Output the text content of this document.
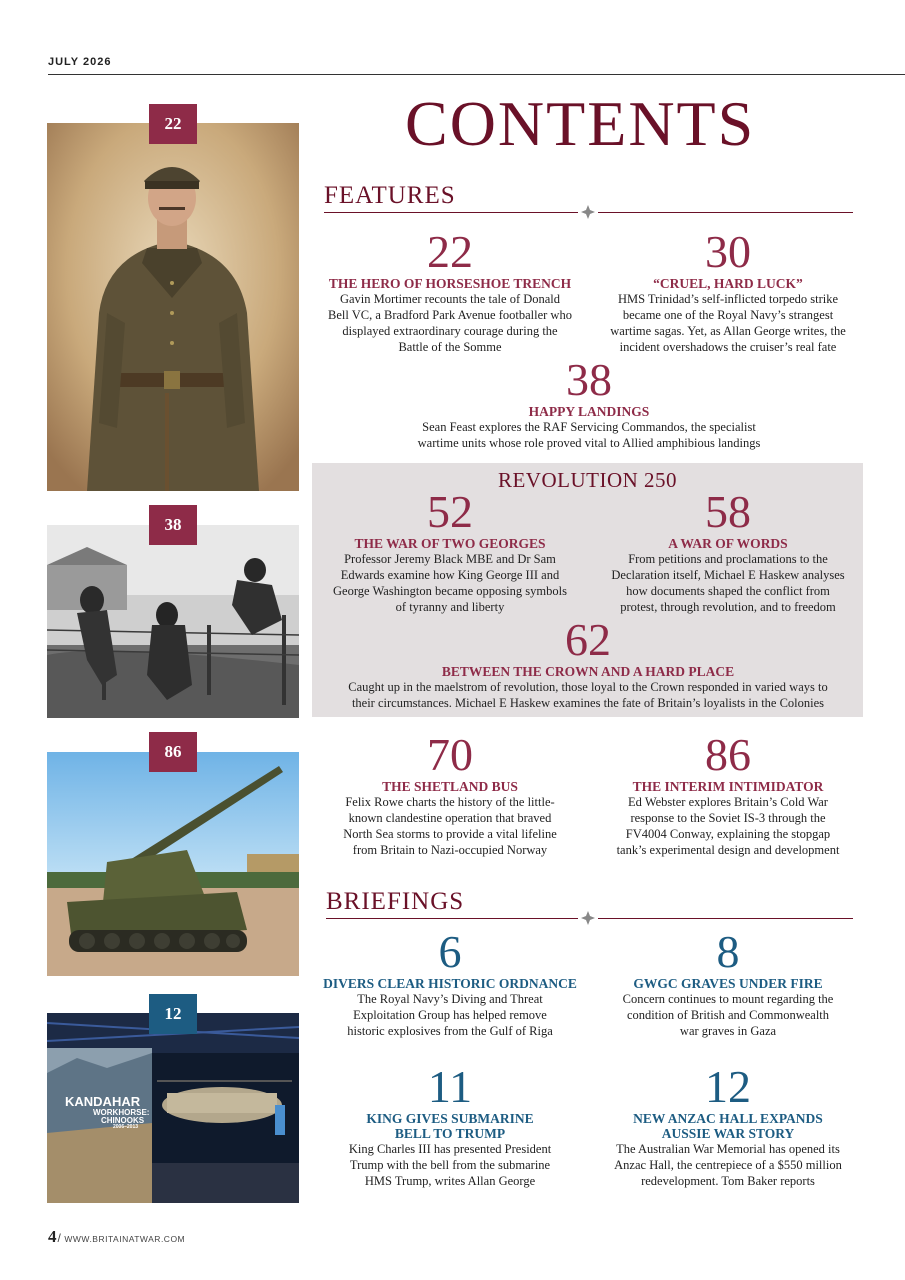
JULY 2026
22
38
86
KANDAHAR
WORKHORSE:
CHINOOKS
2006–2013
12
CONTENTS
FEATURES
22
THE HERO OF HORSESHOE TRENCH
Gavin Mortimer recounts the tale of Donald
Bell VC, a Bradford Park Avenue footballer who
displayed extraordinary courage during the
Battle of the Somme
30
“CRUEL, HARD LUCK”
HMS Trinidad’s self-inflicted torpedo strike
became one of the Royal Navy’s strangest
wartime sagas. Yet, as Allan George writes, the
incident overshadows the cruiser’s real fate
38
HAPPY LANDINGS
Sean Feast explores the RAF Servicing Commandos, the specialist
wartime units whose role proved vital to Allied amphibious landings
REVOLUTION 250
52
THE WAR OF TWO GEORGES
Professor Jeremy Black MBE and Dr Sam
Edwards examine how King George III and
George Washington became opposing symbols
of tyranny and liberty
58
A WAR OF WORDS
From petitions and proclamations to the
Declaration itself, Michael E Haskew analyses
how documents shaped the conflict from
protest, through revolution, and to freedom
62
BETWEEN THE CROWN AND A HARD PLACE
Caught up in the maelstrom of revolution, those loyal to the Crown responded in varied ways to
their circumstances. Michael E Haskew examines the fate of Britain’s loyalists in the Colonies
70
THE SHETLAND BUS
Felix Rowe charts the history of the little-
known clandestine operation that braved
North Sea storms to provide a vital lifeline
from Britain to Nazi-occupied Norway
86
THE INTERIM INTIMIDATOR
Ed Webster explores Britain’s Cold War
response to the Soviet IS-3 through the
FV4004 Conway, explaining the stopgap
tank’s experimental design and development
BRIEFINGS
6
DIVERS CLEAR HISTORIC ORDNANCE
The Royal Navy’s Diving and Threat
Exploitation Group has helped remove
historic explosives from the Gulf of Riga
8
GWGC GRAVES UNDER FIRE
Concern continues to mount regarding the
condition of British and Commonwealth
war graves in Gaza
11
KING GIVES SUBMARINE
BELL TO TRUMP
King Charles III has presented President
Trump with the bell from the submarine
HMS Trump, writes Allan George
12
NEW ANZAC HALL EXPANDS
AUSSIE WAR STORY
The Australian War Memorial has opened its
Anzac Hall, the centrepiece of a $550 million
redevelopment. Tom Baker reports
4/ WWW.BRITAINATWAR.COM
